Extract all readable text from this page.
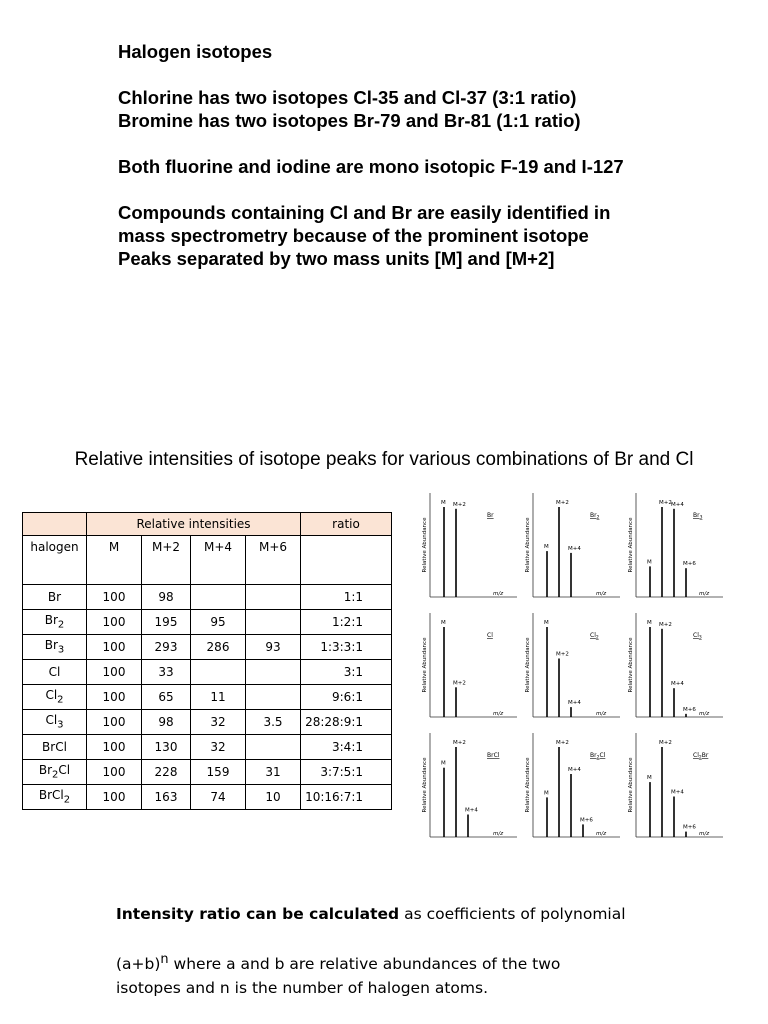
Halogen isotopes

Chlorine has two isotopes Cl-35 and Cl-37 (3:1 ratio)
Bromine has two isotopes Br-79 and Br-81 (1:1 ratio)

Both fluorine and iodine are mono isotopic F-19 and I-127

Compounds containing Cl and Br are easily identified in
mass spectrometry because of the prominent isotope
Peaks separated by two mass units [M] and [M+2]

Relative intensities of isotope peaks for various combinations of Br and Cl
	Relative intensities				ratio
halogen	M	M+2	M+4	M+6	
Br	100	98			1:1
$Br_2$	100	195	95		1:2:1
$Br_3$	100	293	286	93	1:3:3:1
Cl	100	33			3:1
$Cl_2$	100	65	11		9:6:1
$Cl_3$	100	98	32	3.5	28:28:9:1
BrCl	100	130	32		3:4:1
$Br_2Cl$	100	228	159	31	3:7:5:1
BrCl$_2$	100	163	74	10	10:16:7:1
Relative Abundance
m/z
Br
M M+2
Relative Abundance
m/z
$Br_2$
M
M+2
M+4	Relative Abundance
m/z
$Br_3$
M
M+2 M+4
M+6
Relative Abundance
m/z
Cl
M
M+2	Relative Abundance
m/z
$Cl_2$
M
M+2
M+4
Relative Abundance
m/z
$Cl_3$
M M+2
M+4
M+6
Relative Abundance
m/z
BrCl
M
M+2
M+4	Relative Abundance
m/z
$Br_2Cl$
M
M+2
M+4
M+6
Relative Abundance
m/z
$Cl_2Br$
M
M+2
M+4
M+6

Intensity ratio can be calculated as coefficients of polynomial

$(a+b)^n$ where a and b are relative abundances of the two
isotopes and n is the number of halogen atoms.
